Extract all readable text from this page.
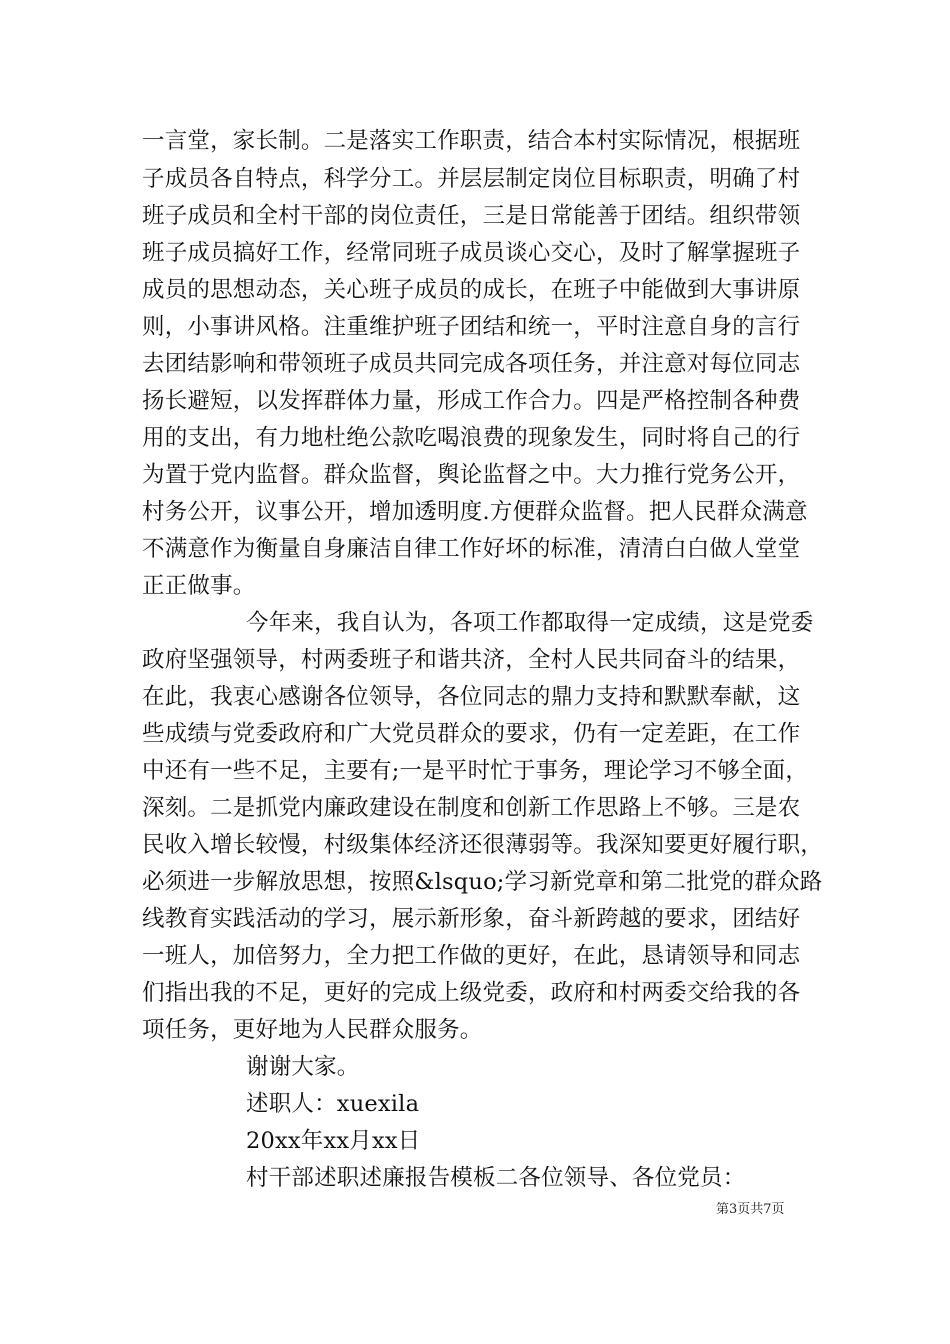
一言堂，家长制。二是落实工作职责，结合本村实际情况，根据班
子成员各自特点，科学分工。并层层制定岗位目标职责，明确了村
班子成员和全村干部的岗位责任，三是日常能善于团结。组织带领
班子成员搞好工作，经常同班子成员谈心交心，及时了解掌握班子
成员的思想动态，关心班子成员的成长，在班子中能做到大事讲原
则，小事讲风格。注重维护班子团结和统一，平时注意自身的言行
去团结影响和带领班子成员共同完成各项任务，并注意对每位同志
扬长避短，以发挥群体力量，形成工作合力。四是严格控制各种费
用的支出，有力地杜绝公款吃喝浪费的现象发生，同时将自己的行
为置于党内监督。群众监督，舆论监督之中。大力推行党务公开，
村务公开，议事公开，增加透明度.方便群众监督。把人民群众满意
不满意作为衡量自身廉洁自律工作好坏的标准，清清白白做人堂堂
正正做事。
今年来，我自认为，各项工作都取得一定成绩，这是党委
政府坚强领导，村两委班子和谐共济，全村人民共同奋斗的结果，
在此，我衷心感谢各位领导，各位同志的鼎力支持和默默奉献，这
些成绩与党委政府和广大党员群众的要求，仍有一定差距，在工作
中还有一些不足，主要有;一是平时忙于事务，理论学习不够全面，
深刻。二是抓党内廉政建设在制度和创新工作思路上不够。三是农
民收入增长较慢，村级集体经济还很薄弱等。我深知要更好履行职，
必须进一步解放思想，按照&lsquo;学习新党章和第二批党的群众路
线教育实践活动的学习，展示新形象，奋斗新跨越的要求，团结好
一班人，加倍努力，全力把工作做的更好，在此，恳请领导和同志
们指出我的不足，更好的完成上级党委，政府和村两委交给我的各
项任务，更好地为人民群众服务。
谢谢大家。
述职人：xuexila
20xx年xx月xx日
村干部述职述廉报告模板二各位领导、各位党员：
第3页共7页
